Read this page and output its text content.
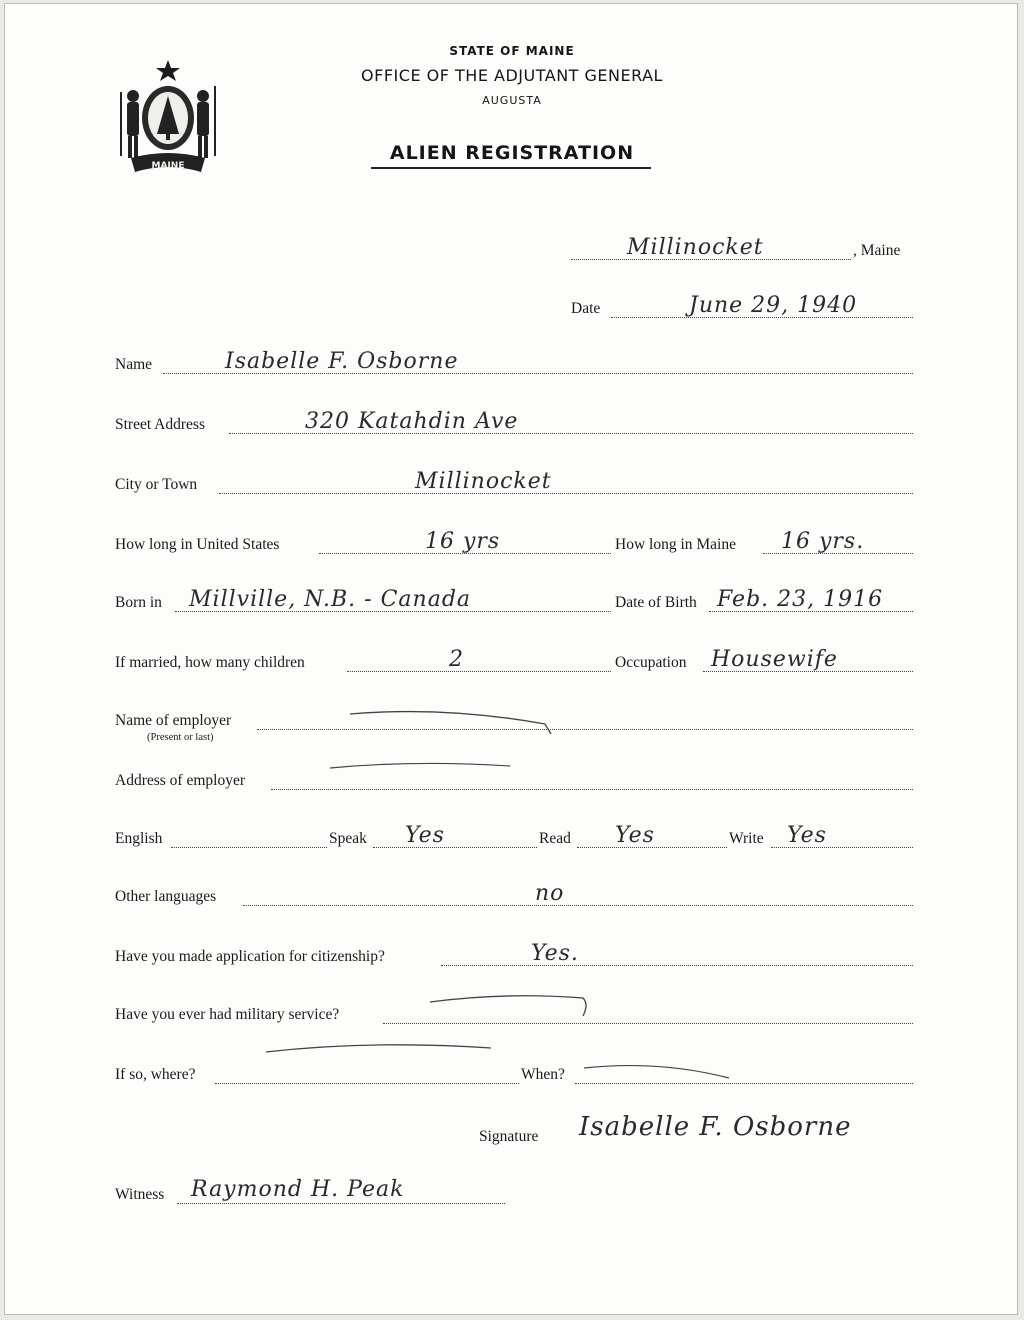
MAINE
STATE OF MAINE
OFFICE OF THE ADJUTANT GENERAL
AUGUSTA
ALIEN REGISTRATION
, Maine
Millinocket
Date	June 29, 1940
Name	Isabelle F. Osborne
Street Address	320 Katahdin Ave
City or Town	Millinocket
How long in United States	16 yrs	How long in Maine 16 yrs.
Born in Millville, N.B. - Canada	Date of Birth Feb. 23, 1916
If married, how many children	2	Occupation Housewife
Name of employer
(Present or last)
Address of employer
English	Speak Yes	Read Yes	Write Yes
Other languages	no
Have you made application for citizenship?	Yes.
Have you ever had military service?
If so, where?	When?
Signature Isabelle F. Osborne
Witness Raymond H. Peak
